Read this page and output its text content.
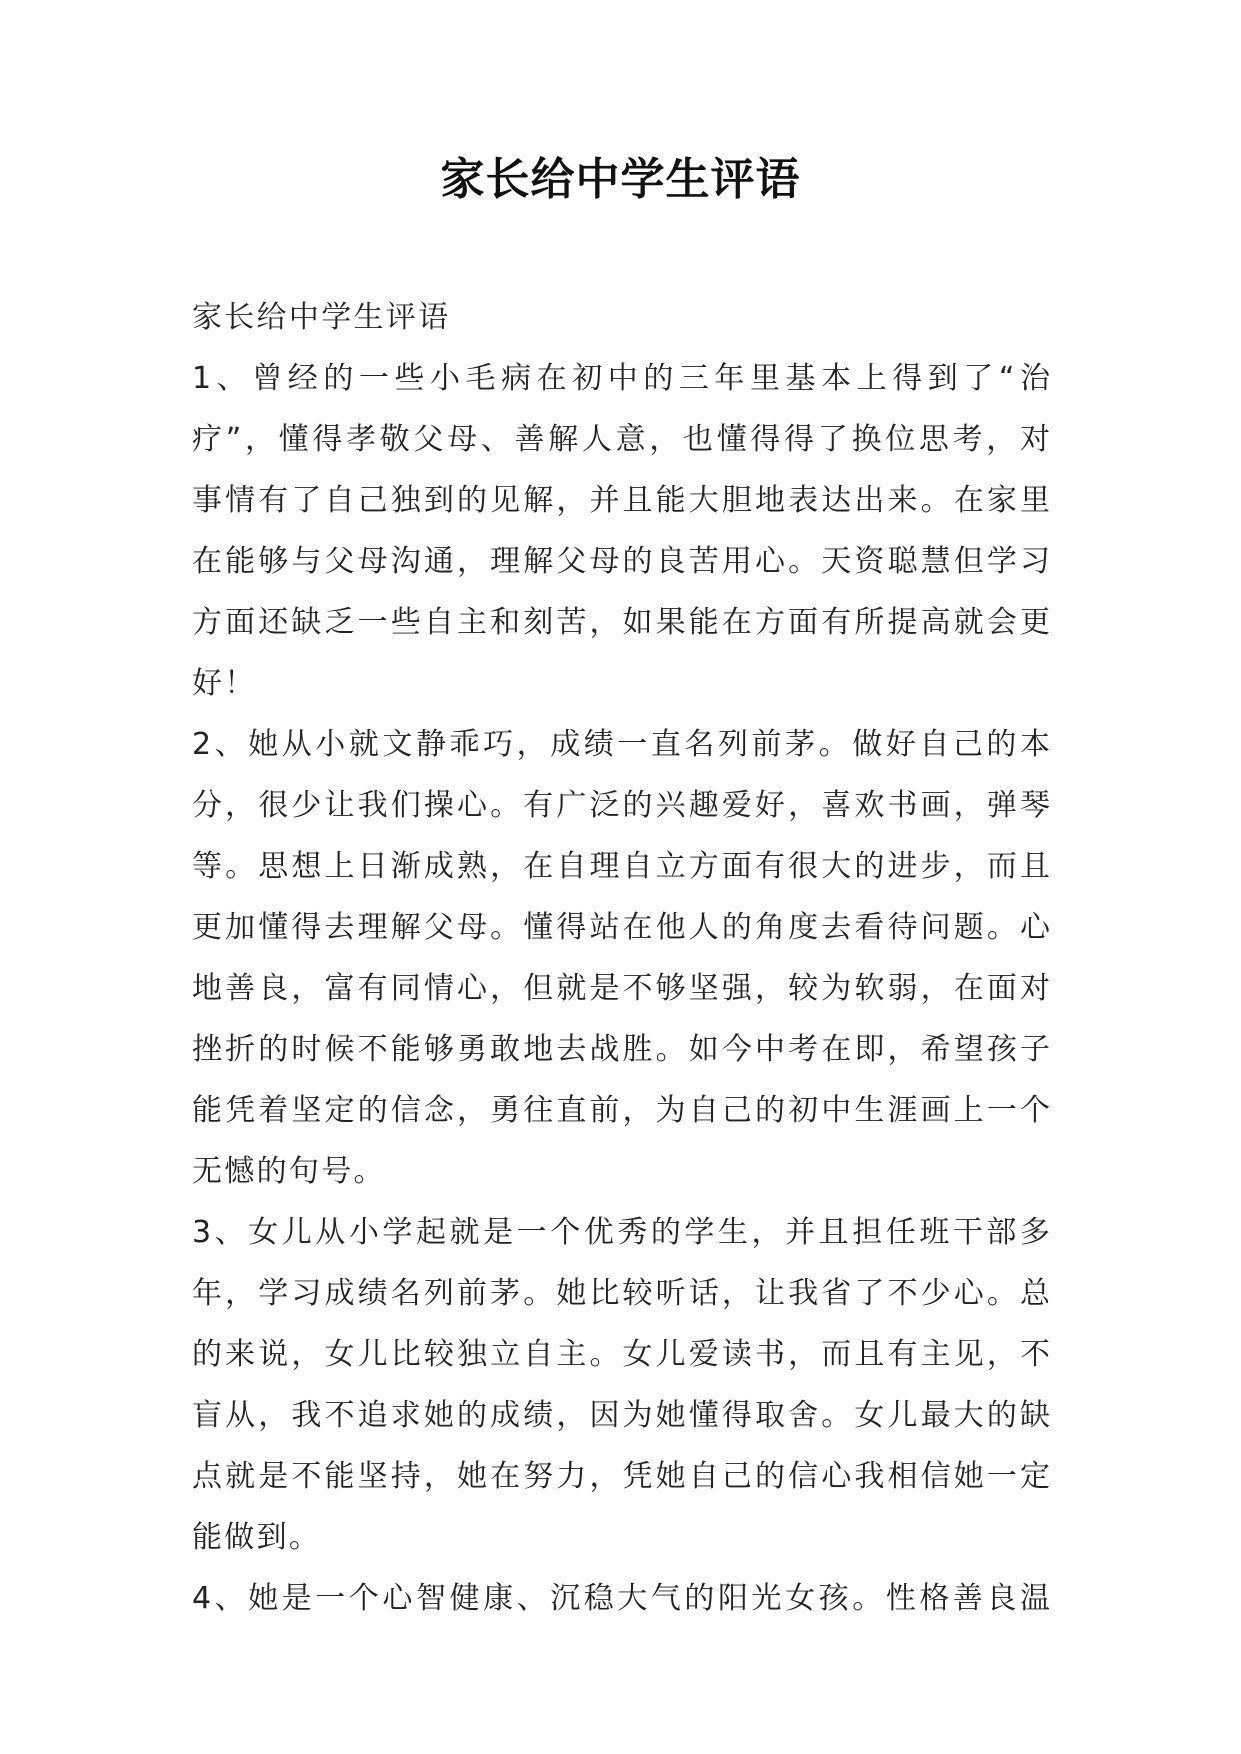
家长给中学生评语
家长给中学生评语
1、曾经的一些小毛病在初中的三年里基本上得到了“治
疗”，懂得孝敬父母、善解人意，也懂得得了换位思考，对
事情有了自己独到的见解，并且能大胆地表达出来。在家里
在能够与父母沟通，理解父母的良苦用心。天资聪慧但学习
方面还缺乏一些自主和刻苦，如果能在方面有所提高就会更
好！
2、她从小就文静乖巧，成绩一直名列前茅。做好自己的本
分，很少让我们操心。有广泛的兴趣爱好，喜欢书画，弹琴
等。思想上日渐成熟，在自理自立方面有很大的进步，而且
更加懂得去理解父母。懂得站在他人的角度去看待问题。心
地善良，富有同情心，但就是不够坚强，较为软弱，在面对
挫折的时候不能够勇敢地去战胜。如今中考在即，希望孩子
能凭着坚定的信念，勇往直前，为自己的初中生涯画上一个
无憾的句号。
3、女儿从小学起就是一个优秀的学生，并且担任班干部多
年，学习成绩名列前茅。她比较听话，让我省了不少心。总
的来说，女儿比较独立自主。女儿爱读书，而且有主见，不
盲从，我不追求她的成绩，因为她懂得取舍。女儿最大的缺
点就是不能坚持，她在努力，凭她自己的信心我相信她一定
能做到。
4、她是一个心智健康、沉稳大气的阳光女孩。性格善良温
